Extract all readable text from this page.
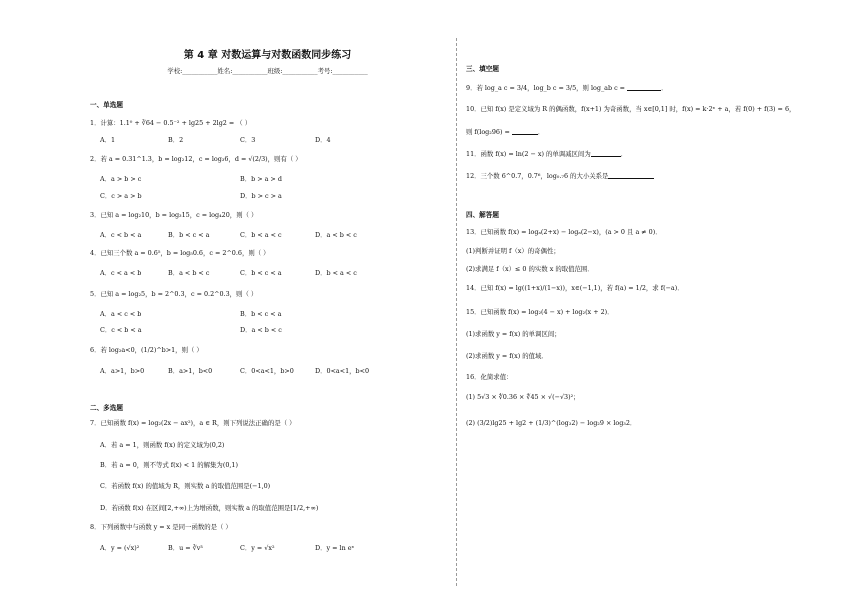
第 4 章 对数运算与对数函数同步练习
学校:___________姓名:___________班级:___________考号:___________
一、单选题
1．计算：1.1⁰ + ∛64 − 0.5⁻² + lg25 + 2lg2 = （ ）
A．1	B．2	C．3	D．4
2．若 a = 0.31^1.3，b = log₂12，c = log₃6，d = √(2/3)，则有（ ）
A．a > b > c	B．b > a > d
C．c > a > b	D．b > c > a
3．已知 a = log₂10，b = log₃15，c = log₄20，则（ ）
A．c < b < a	B．b < c < a	C．b < a < c	D．a < b < c
4．已知三个数 a = 0.6⁵，b = log₅0.6，c = 2^0.6，则（ ）
A．c < a < b	B．a < b < c	C．b < c < a	D．b < a < c
5．已知 a = log₂5，b = 2^0.3，c = 0.2^0.3，则（ ）
A．a < c < b	B．b < c < a
C．c < b < a	D．a < b < c
6．若 log₂a<0，(1/2)^b>1，则（ ）
A．a>1，b>0	B．a>1，b<0	C．0<a<1，b>0	D．0<a<1，b<0
二、多选题
7．已知函数 f(x) = log₂(2x − ax²)，a ∈ R，则下列说法正确的是（ ）
A．若 a = 1，则函数 f(x) 的定义域为(0,2)
B．若 a = 0，则不等式 f(x) < 1 的解集为(0,1)
C．若函数 f(x) 的值域为 R，则实数 a 的取值范围是(−1,0)
D．若函数 f(x) 在区间[2,+∞)上为增函数，则实数 a 的取值范围是[1/2,+∞)
8．下列函数中与函数 y = x 是同一函数的是（ ）
A．y = (√x)²	B．u = ∛v³	C．y = √x²	D．y = ln eˣ
三、填空题
9．若 log_a c = 3/4，log_b c = 3/5，则 log_ab c =	．
10．已知 f(x) 是定义域为 R 的偶函数，f(x+1) 为奇函数，当 x∈[0,1] 时，f(x) = k·2ˣ + a，若 f(0) + f(3) = 6，
则 f(log₂96) =	．
11．函数 f(x) = ln(2 − x) 的单调减区间为	．
12．三个数 6^0.7，0.7⁶，log₀.₇6 的大小关系是
四、解答题
13．已知函数 f(x) = logₐ(2+x) − logₐ(2−x)，(a > 0 且 a ≠ 0)．
(1)判断并证明 f（x）的奇偶性；
(2)求满足 f（x）≤ 0 的实数 x 的取值范围．
14．已知 f(x) = lg((1+x)/(1−x))，x∈(−1,1)，若 f(a) = 1/2，求 f(−a)．
15．已知函数 f(x) = log₂(4 − x) + log₂(x + 2)．
(1)求函数 y = f(x) 的单调区间；
(2)求函数 y = f(x) 的值域．
16．化简求值：
(1) 5√3 × ∜0.36 × ∜45 × √(−√3)²；
(2) (3/2)lg25 + lg2 + (1/3)^(log₃2) − log₂9 × log₃2．
